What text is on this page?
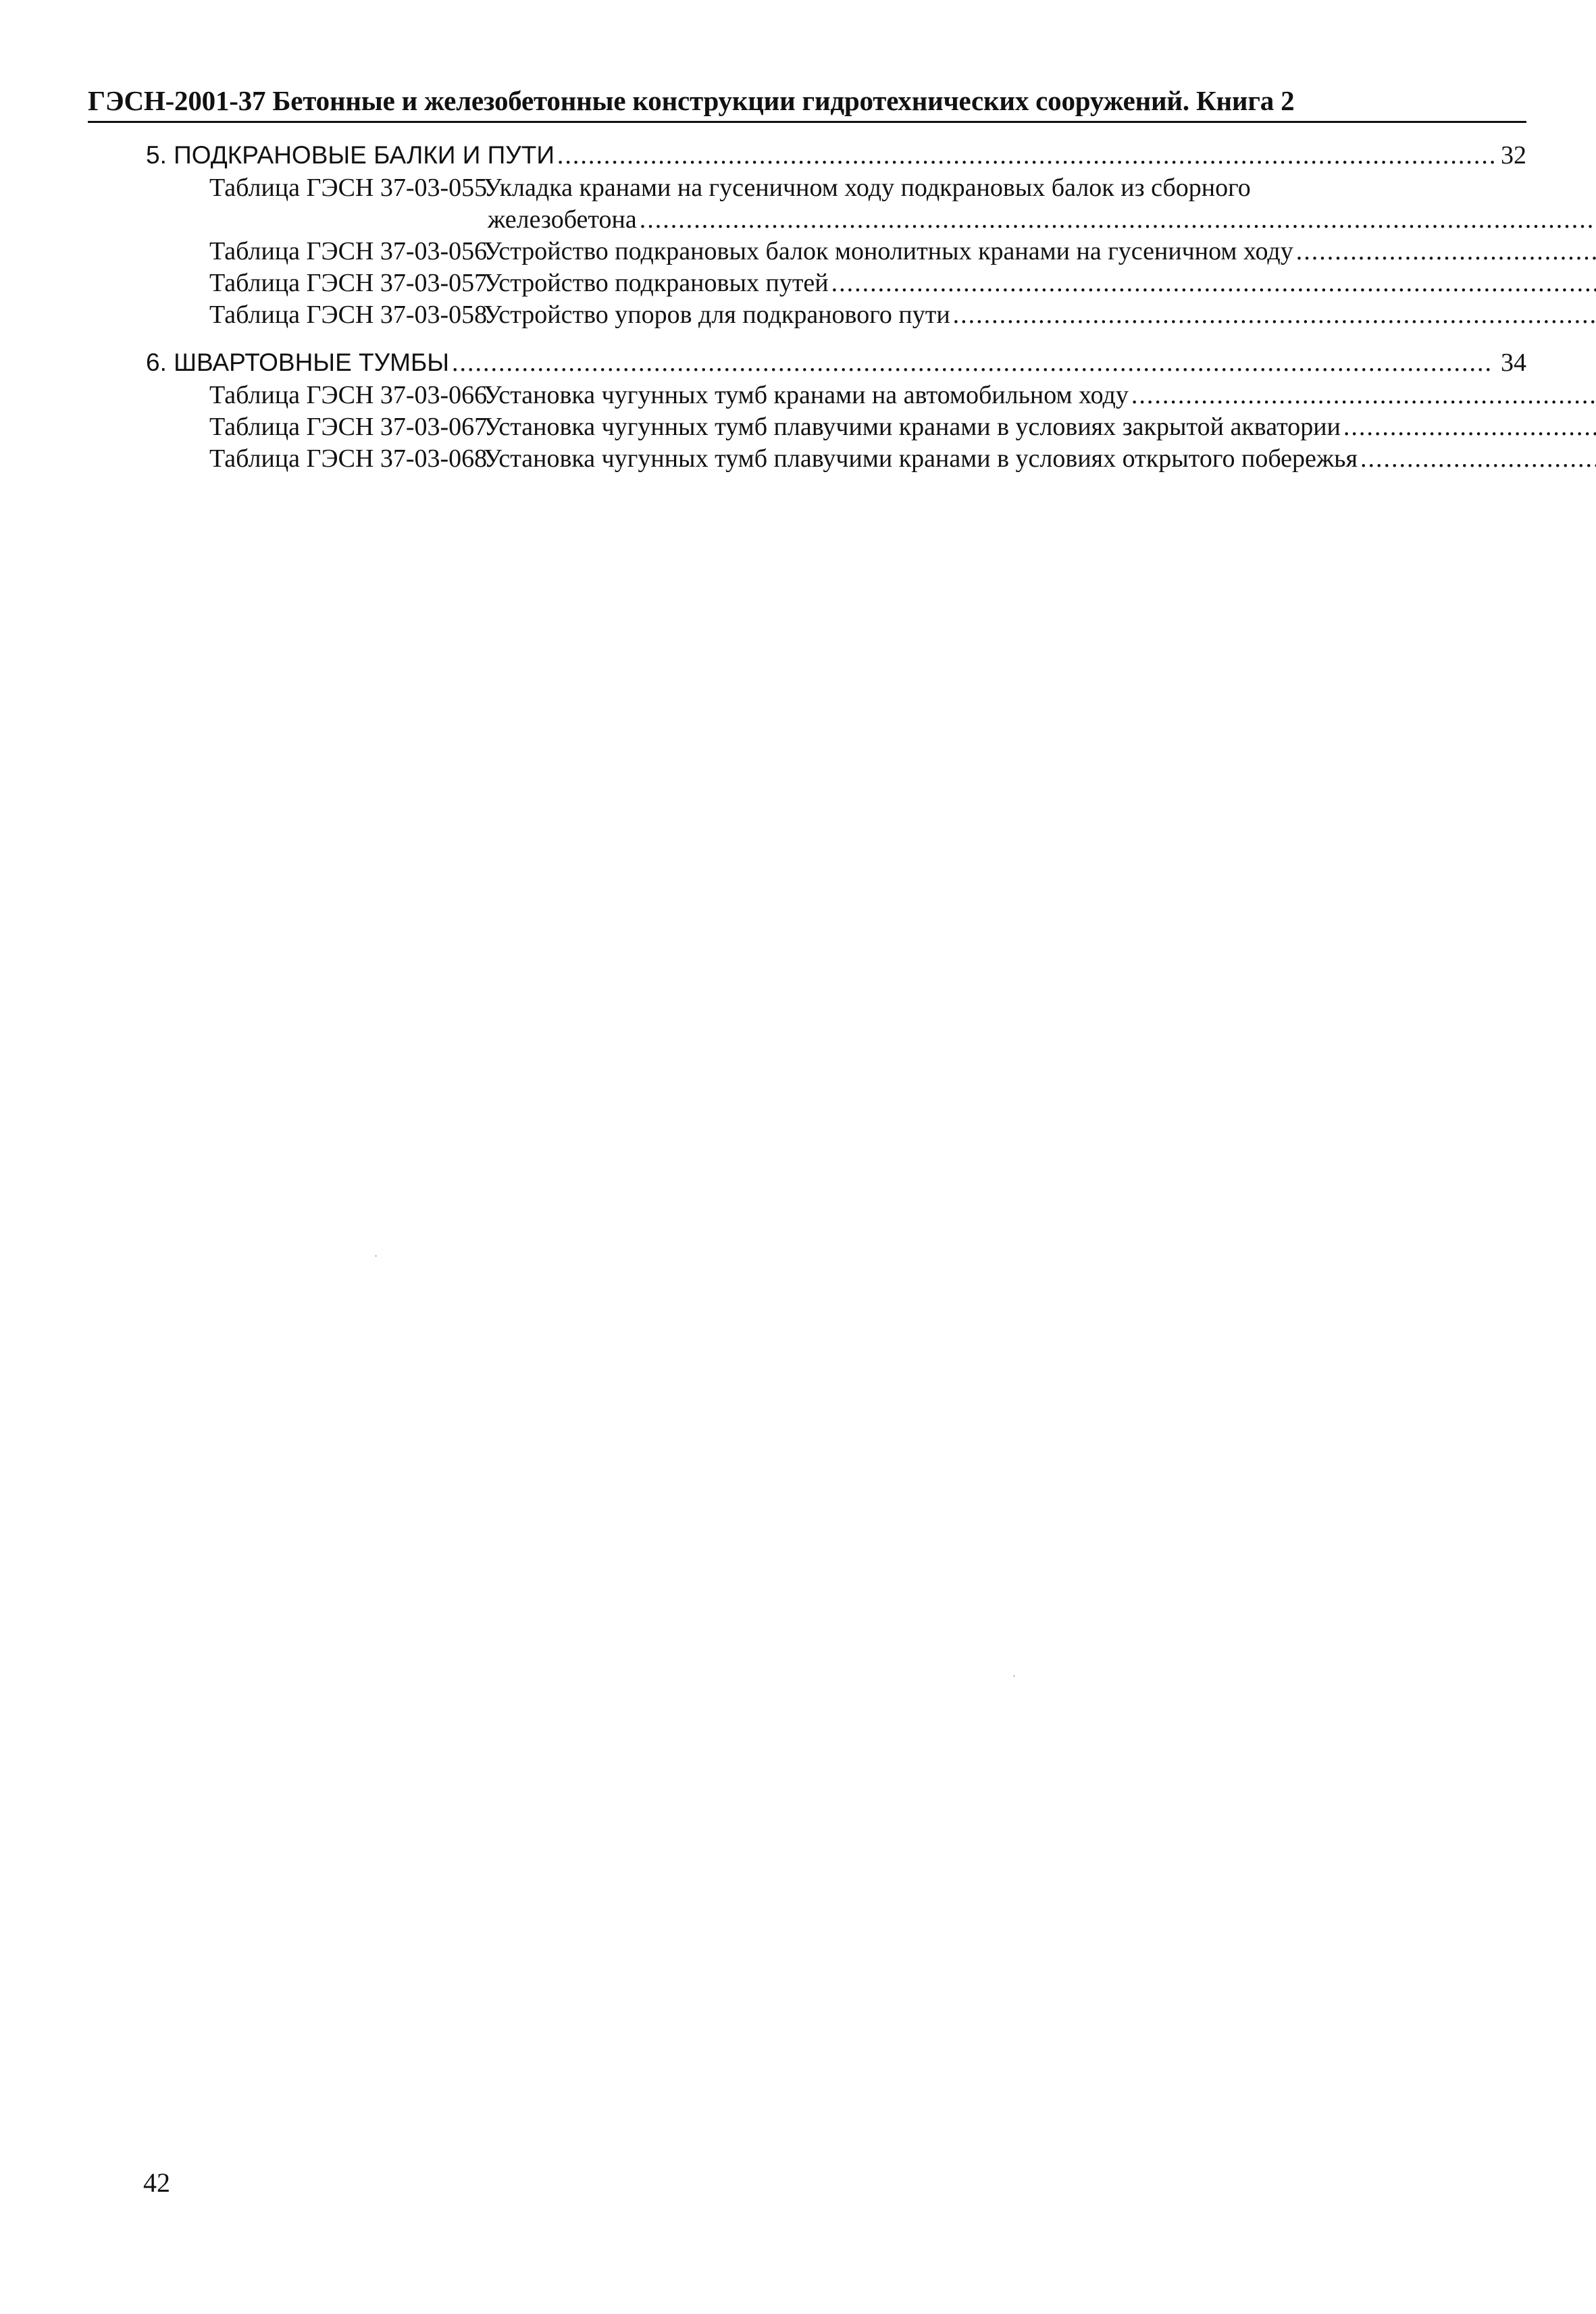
ГЭСН-2001-37 Бетонные и железобетонные конструкции гидротехнических сооружений. Книга 2
5. ПОДКРАНОВЫЕ БАЛКИ И ПУТИ .....	32
Таблица ГЭСН 37-03-055
Укладка кранами на гусеничном ходу подкрановых балок из сборного
железобетона
.....
Таблица ГЭСН 37-03-056
Устройство подкрановых балок монолитных кранами на гусеничном ходу
.....
Таблица ГЭСН 37-03-057
Устройство подкрановых путей
.....
Таблица ГЭСН 37-03-058
Устройство упоров для подкранового пути
.....
6. ШВАРТОВНЫЕ ТУМБЫ .....	34
Таблица ГЭСН 37-03-066
Установка чугунных тумб кранами на автомобильном ходу
.....
Таблица ГЭСН 37-03-067
Установка чугунных тумб плавучими кранами в условиях закрытой акватории
.....
Таблица ГЭСН 37-03-068
Установка чугунных тумб плавучими кранами в условиях открытого побережья
.....
42
